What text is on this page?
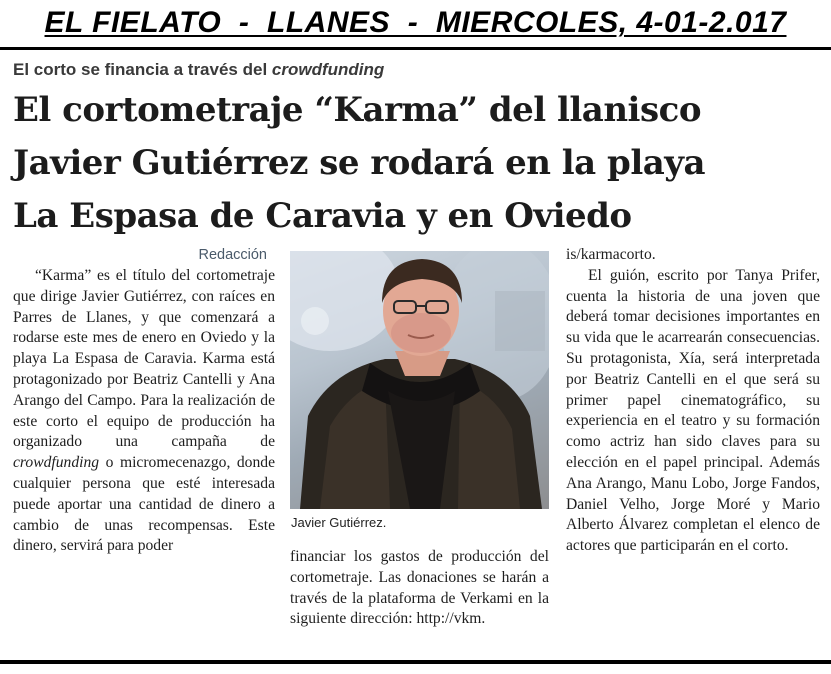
EL FIELATO  -  LLANES  -  MIERCOLES, 4-01-2.017
El corto se financia a través del crowdfunding
El cortometraje “Karma” del llanisco
Javier Gutiérrez se rodará en la playa
La Espasa de Caravia y en Oviedo
Redacción

“Karma” es el título del cortometraje que dirige Javier Gutiérrez, con raíces en Parres de Llanes, y que comenzará a rodarse este mes de enero en Oviedo y la playa La Espasa de Caravia. Karma está protagonizado por Beatriz Cantelli y Ana Arango del Campo. Para la realización de este corto el equipo de producción ha organizado una campaña de crowdfunding o micromecenazgo, donde cualquier persona que esté interesada puede aportar una cantidad de dinero a cambio de unas recompensas. Este dinero, servirá para poder

Javier Gutiérrez.

financiar los gastos de producción del cortometraje. Las donaciones se harán a través de la plataforma de Verkami en la siguiente dirección: http://vkm.

is/karmacorto.

El guión, escrito por Tanya Prifer, cuenta la historia de una joven que deberá tomar decisiones importantes en su vida que le acarrearán consecuencias. Su protagonista, Xía, será interpretada por Beatriz Cantelli en el que será su primer papel cinematográfico, su experiencia en el teatro y su formación como actriz han sido claves para su elección en el papel principal. Además Ana Arango, Manu Lobo, Jorge Fandos, Daniel Velho, Jorge Moré y Mario Alberto Álvarez completan el elenco de actores que participarán en el corto.
